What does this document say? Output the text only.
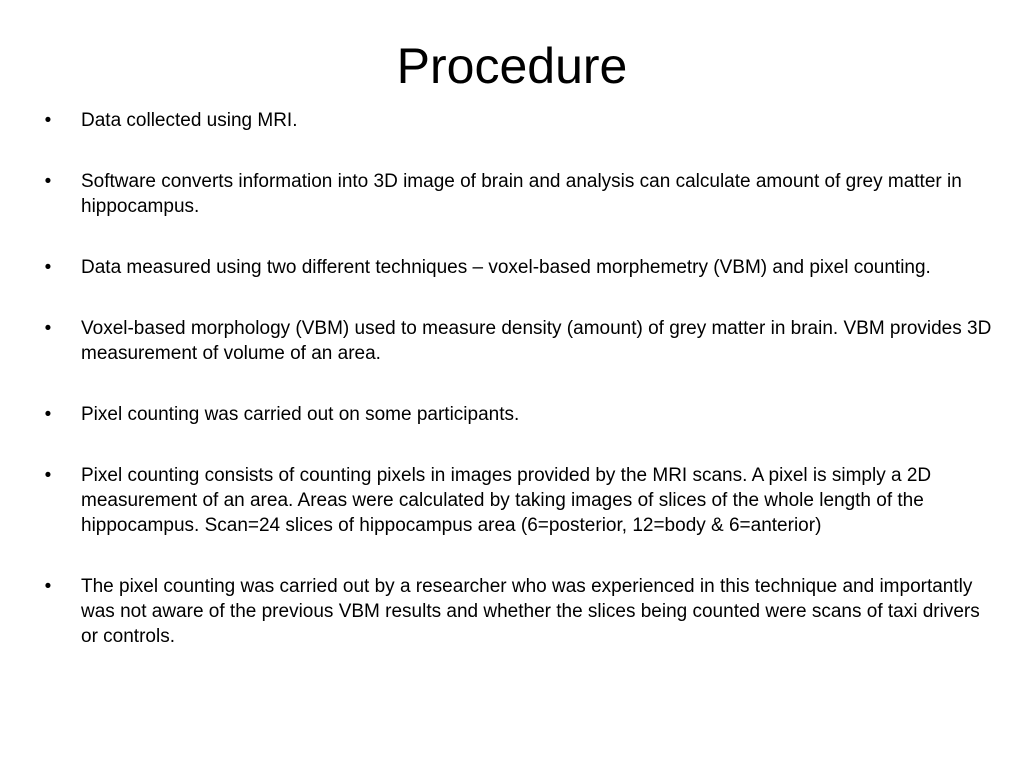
Procedure
• Data collected using MRI.
• Software converts information into 3D image of brain and analysis can calculate amount of grey matter in hippocampus.
• Data measured using two different techniques – voxel-based morphemetry (VBM) and pixel counting.
• Voxel-based morphology (VBM) used to measure density (amount) of grey matter in brain. VBM provides 3D measurement of volume of an area.
• Pixel counting was carried out on some participants.
• Pixel counting consists of counting pixels in images provided by the MRI scans. A pixel is simply a 2D measurement of an area. Areas were calculated by taking images of slices of the whole length of the hippocampus. Scan=24 slices of hippocampus area (6=posterior, 12=body & 6=anterior)
• The pixel counting was carried out by a researcher who was experienced in this technique and importantly was not aware of the previous VBM results and whether the slices being counted were scans of taxi drivers or controls.
